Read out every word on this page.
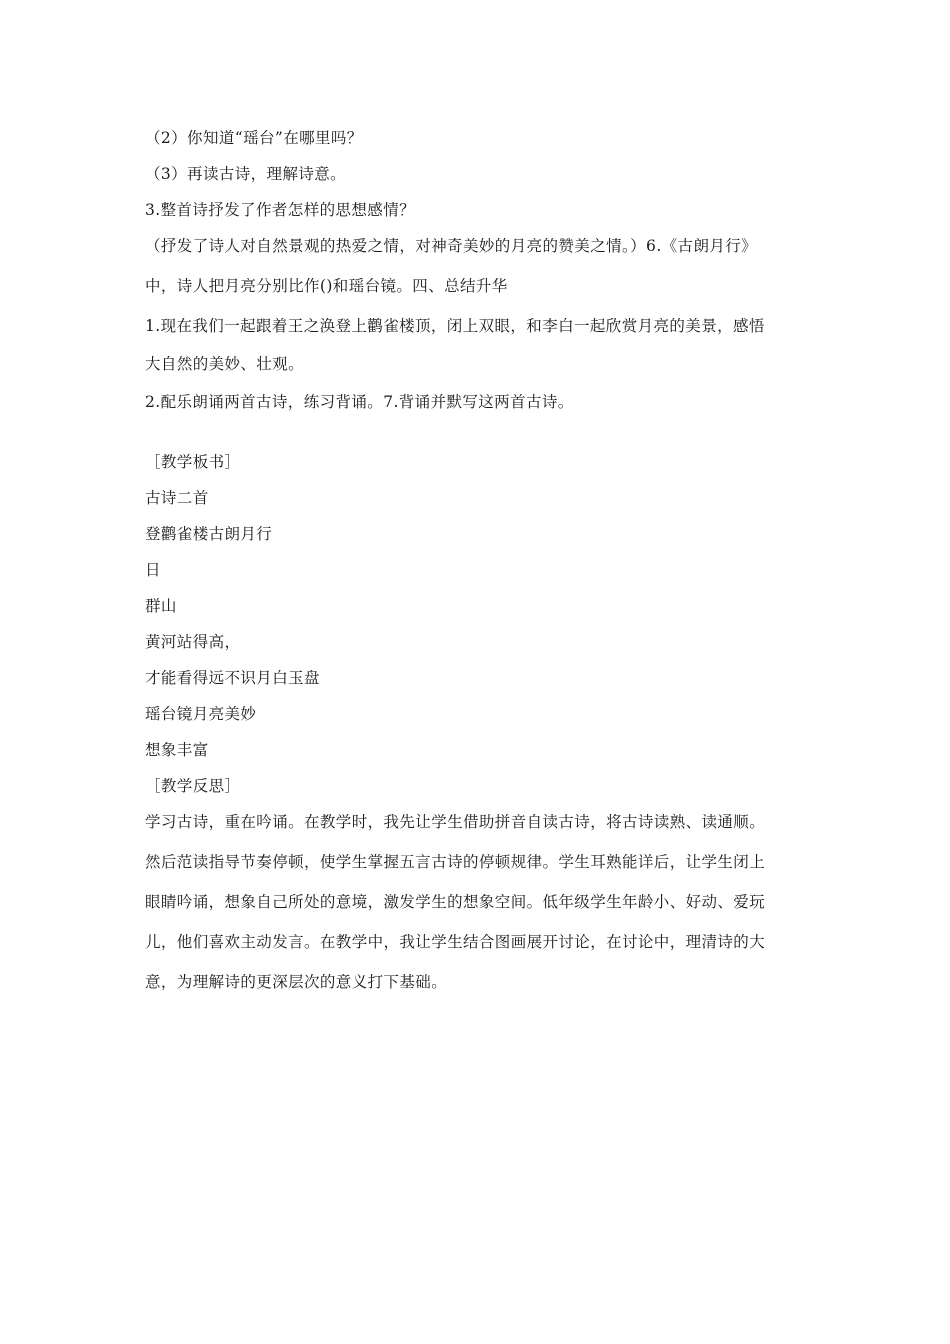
（2）你知道“瑶台”在哪里吗？
（3）再读古诗，理解诗意。
3.整首诗抒发了作者怎样的思想感情？
（抒发了诗人对自然景观的热爱之情，对神奇美妙的月亮的赞美之情。）6.《古朗月行》
中，诗人把月亮分别比作()和瑶台镜。四、总结升华
1.现在我们一起跟着王之涣登上鹳雀楼顶，闭上双眼，和李白一起欣赏月亮的美景，感悟
大自然的美妙、壮观。
2.配乐朗诵两首古诗，练习背诵。7.背诵并默写这两首古诗。
［教学板书］
古诗二首
登鹳雀楼古朗月行
日
群山
黄河站得高，
才能看得远不识月白玉盘
瑶台镜月亮美妙
想象丰富
［教学反思］
学习古诗，重在吟诵。在教学时，我先让学生借助拼音自读古诗，将古诗读熟、读通顺。
然后范读指导节奏停顿，使学生掌握五言古诗的停顿规律。学生耳熟能详后，让学生闭上
眼睛吟诵，想象自己所处的意境，激发学生的想象空间。低年级学生年龄小、好动、爱玩
儿，他们喜欢主动发言。在教学中，我让学生结合图画展开讨论，在讨论中，理清诗的大
意，为理解诗的更深层次的意义打下基础。
